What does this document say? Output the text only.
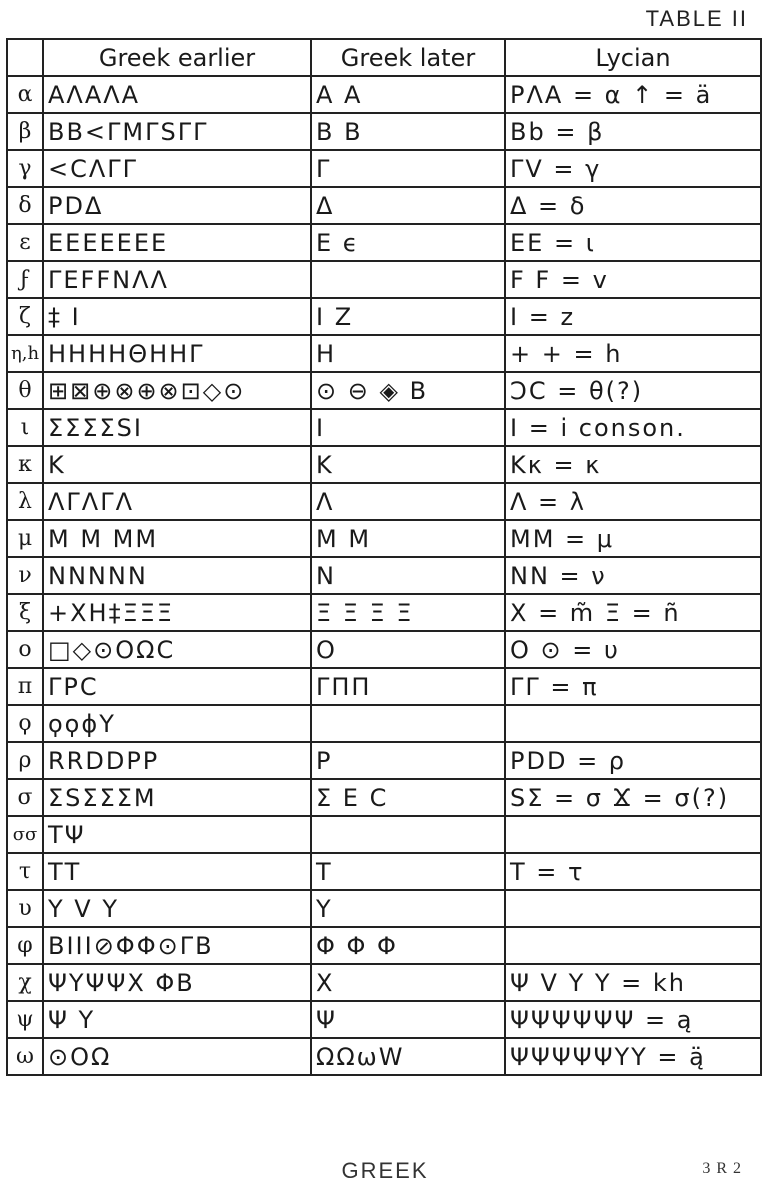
TABLE II
	Greek earlier	Greek later	Lycian
α	ΑΛΑΛΑ	Α Α	ΡΛΑ = α ↑ = ä
β	ΒΒ<ΓΜΓSΓΓ	Β Β	Βb = β
γ	<CΛΓΓ	Γ	ΓV = γ
δ	ΡDΔ	Δ	Δ = δ
ε	ΕΕΕΕΕΕΕ	Ε ϵ	ΕΕ = ι
ϝ	ΓΕFFΝΛΛ		F F = v
ζ	‡ Ι	Ι Ζ	Ι = z
η,h	ΗΗΗΗΘΗΗΓ	Η	+ + = h
θ	⊞⊠⊕⊗⊕⊗⊡◇⊙	⊙ ⊖ ◈ Β	ϽC = θ(?)
ι	ΣΣΣΣSΙ	Ι	Ι = i conson.
κ	Κ	Κ	Κκ = κ
λ	ΛΓΛΓΛ	Λ	Λ = λ
μ	Μ Μ ΜΜ	Μ Μ	ΜΜ = μ
ν	ΝΝΝΝΝ	Ν	ΝΝ = ν
ξ	+ΧΗ‡ΞΞΞ	Ξ Ξ Ξ Ξ	Χ = m̃ Ξ = ñ
ο	□◇⊙ΟΩC	Ο	Ο ⊙ = υ
π	ΓΡC	ΓΠΠ	ΓΓ = π
ϙ	ϙϙϕΥ		
ρ	RRDDΡΡ	Ρ	ΡDD = ρ
σ	ΣSΣΣΣΜ	Σ Ε C	SΣ = σ Ϫ = σ(?)
σσ	ΤΨ		
τ	ΤΤ	Τ	Τ = τ
υ	Υ V Υ	Υ	
φ	ΒΙΙΙ⊘ΦΦ⊙ΓΒ	Φ Φ Φ	
χ	ΨΥΨΨΧ ΦΒ	Χ	Ψ V Υ Υ = kh
ψ	Ψ Υ	Ψ	ΨΨΨΨΨΨ = ą
ω	⊙ΟΩ	ΩΩωW	ΨΨΨΨΨΥΥ = ą̈
GREEK	3 R 2
